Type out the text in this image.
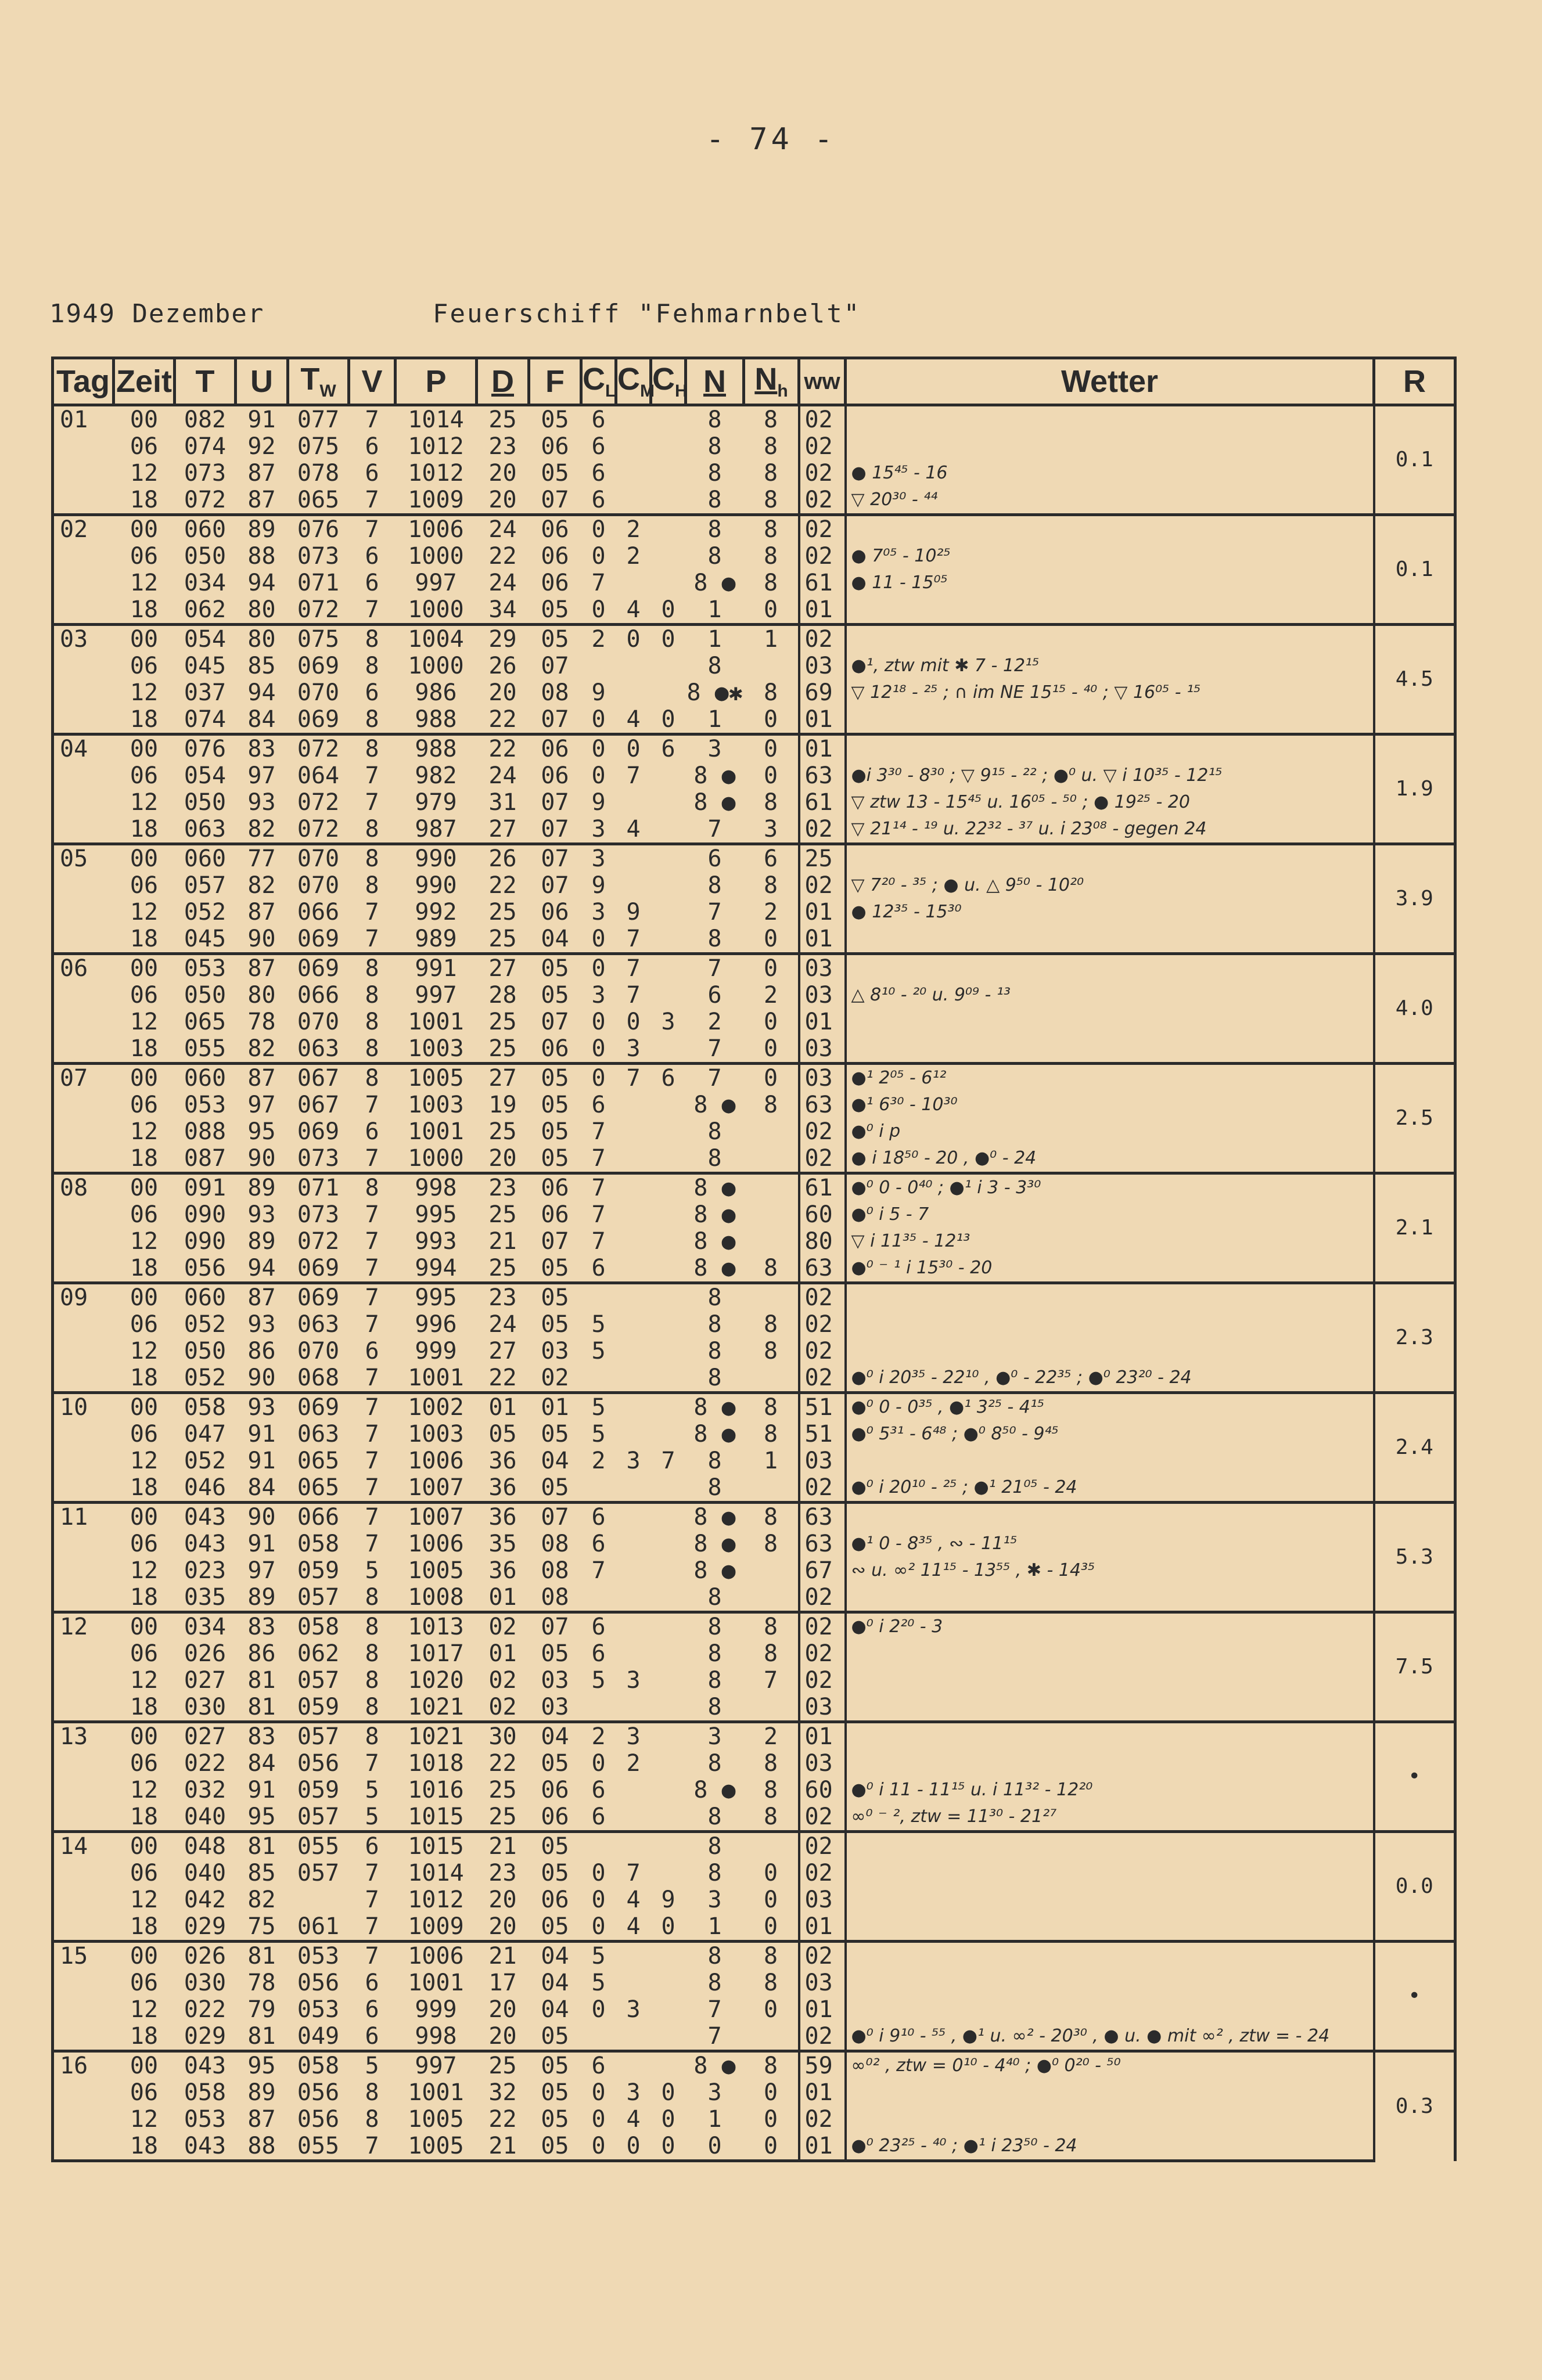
- 74 -
1949 Dezember	Feuerschiff "Fehmarnbelt"
Tag	Zeit	T	U	$T_W$	V	P	D	F	$C_L$	$C_M$	$C_H$	N	$N_h$	ww	Wetter	R
01	00	082	91	077	7	1014	25	05	6			8	8	02		0.1
	06	074	92	075	6	1012	23	06	6			8	8	02		
	12	073	87	078	6	1012	20	05	6			8	8	02	● 15⁴⁵ - 16	
	18	072	87	065	7	1009	20	07	6			8	8	02	▽ 20³⁰ - ⁴⁴	
02	00	060	89	076	7	1006	24	06	0	2		8	8	02		0.1
	06	050	88	073	6	1000	22	06	0	2		8	8	02	● 7⁰⁵ - 10²⁵	
	12	034	94	071	6	997	24	06	7			8 ●	8	61	● 11 - 15⁰⁵	
	18	062	80	072	7	1000	34	05	0	4	0	1	0	01		
03	00	054	80	075	8	1004	29	05	2	0	0	1	1	02		4.5
	06	045	85	069	8	1000	26	07				8		03	●¹, ztw mit ✱ 7 - 12¹⁵	
	12	037	94	070	6	986	20	08	9			8 ●✱	8	69	▽ 12¹⁸ - ²⁵ ; ∩ im NE 15¹⁵ - ⁴⁰ ; ▽ 16⁰⁵ - ¹⁵	
	18	074	84	069	8	988	22	07	0	4	0	1	0	01		
04	00	076	83	072	8	988	22	06	0	0	6	3	0	01		1.9
	06	054	97	064	7	982	24	06	0	7		8 ●	0	63	●i 3³⁰ - 8³⁰ ; ▽ 9¹⁵ - ²² ; ●⁰ u. ▽ i 10³⁵ - 12¹⁵	
	12	050	93	072	7	979	31	07	9			8 ●	8	61	▽ ztw 13 - 15⁴⁵ u. 16⁰⁵ - ⁵⁰ ; ● 19²⁵ - 20	
	18	063	82	072	8	987	27	07	3	4		7	3	02	▽ 21¹⁴ - ¹⁹ u. 22³² - ³⁷ u. i 23⁰⁸ - gegen 24	
05	00	060	77	070	8	990	26	07	3			6	6	25		3.9
	06	057	82	070	8	990	22	07	9			8	8	02	▽ 7²⁰ - ³⁵ ; ● u. △ 9⁵⁰ - 10²⁰	
	12	052	87	066	7	992	25	06	3	9		7	2	01	● 12³⁵ - 15³⁰	
	18	045	90	069	7	989	25	04	0	7		8	0	01		
06	00	053	87	069	8	991	27	05	0	7		7	0	03		4.0
	06	050	80	066	8	997	28	05	3	7		6	2	03	△ 8¹⁰ - ²⁰ u. 9⁰⁹ - ¹³	
	12	065	78	070	8	1001	25	07	0	0	3	2	0	01		
	18	055	82	063	8	1003	25	06	0	3		7	0	03		
07	00	060	87	067	8	1005	27	05	0	7	6	7	0	03	●¹ 2⁰⁵ - 6¹²	2.5
	06	053	97	067	7	1003	19	05	6			8 ●	8	63	●¹ 6³⁰ - 10³⁰	
	12	088	95	069	6	1001	25	05	7			8		02	●⁰ i p	
	18	087	90	073	7	1000	20	05	7			8		02	● i 18⁵⁰ - 20 , ●⁰ - 24	
08	00	091	89	071	8	998	23	06	7			8 ●		61	●⁰ 0 - 0⁴⁰ ; ●¹ i 3 - 3³⁰	2.1
	06	090	93	073	7	995	25	06	7			8 ●		60	●⁰ i 5 - 7	
	12	090	89	072	7	993	21	07	7			8 ●		80	▽ i 11³⁵ - 12¹³	
	18	056	94	069	7	994	25	05	6			8 ●	8	63	●⁰ ⁻ ¹ i 15³⁰ - 20	
09	00	060	87	069	7	995	23	05				8		02		2.3
	06	052	93	063	7	996	24	05	5			8	8	02		
	12	050	86	070	6	999	27	03	5			8	8	02		
	18	052	90	068	7	1001	22	02				8		02	●⁰ i 20³⁵ - 22¹⁰ , ●⁰ - 22³⁵ ; ●⁰ 23²⁰ - 24	
10	00	058	93	069	7	1002	01	01	5			8 ●	8	51	●⁰ 0 - 0³⁵ , ●¹ 3²⁵ - 4¹⁵	2.4
	06	047	91	063	7	1003	05	05	5			8 ●	8	51	●⁰ 5³¹ - 6⁴⁸ ; ●⁰ 8⁵⁰ - 9⁴⁵	
	12	052	91	065	7	1006	36	04	2	3	7	8	1	03		
	18	046	84	065	7	1007	36	05				8		02	●⁰ i 20¹⁰ - ²⁵ ; ●¹ 21⁰⁵ - 24	
11	00	043	90	066	7	1007	36	07	6			8 ●	8	63		5.3
	06	043	91	058	7	1006	35	08	6			8 ●	8	63	●¹ 0 - 8³⁵ , ∾ - 11¹⁵	
	12	023	97	059	5	1005	36	08	7			8 ●		67	∾ u. ∞² 11¹⁵ - 13⁵⁵ , ✱ - 14³⁵	
	18	035	89	057	8	1008	01	08				8		02		
12	00	034	83	058	8	1013	02	07	6			8	8	02	●⁰ i 2²⁰ - 3	7.5
	06	026	86	062	8	1017	01	05	6			8	8	02		
	12	027	81	057	8	1020	02	03	5	3		8	7	02		
	18	030	81	059	8	1021	02	03				8		03		
13	00	027	83	057	8	1021	30	04	2	3		3	2	01		•
	06	022	84	056	7	1018	22	05	0	2		8	8	03		
	12	032	91	059	5	1016	25	06	6			8 ●	8	60	●⁰ i 11 - 11¹⁵ u. i 11³² - 12²⁰	
	18	040	95	057	5	1015	25	06	6			8	8	02	∞⁰ ⁻ ², ztw = 11³⁰ - 21²⁷	
14	00	048	81	055	6	1015	21	05				8		02		0.0
	06	040	85	057	7	1014	23	05	0	7		8	0	02		
	12	042	82		7	1012	20	06	0	4	9	3	0	03		
	18	029	75	061	7	1009	20	05	0	4	0	1	0	01		
15	00	026	81	053	7	1006	21	04	5			8	8	02		•
	06	030	78	056	6	1001	17	04	5			8	8	03		
	12	022	79	053	6	999	20	04	0	3		7	0	01		
	18	029	81	049	6	998	20	05				7		02	●⁰ i 9¹⁰ - ⁵⁵ , ●¹ u. ∞² - 20³⁰ , ● u. ● mit ∞² , ztw = - 24	
16	00	043	95	058	5	997	25	05	6			8 ●	8	59	∞⁰² , ztw = 0¹⁰ - 4⁴⁰ ; ●⁰ 0²⁰ - ⁵⁰	0.3
	06	058	89	056	8	1001	32	05	0	3	0	3	0	01		
	12	053	87	056	8	1005	22	05	0	4	0	1	0	02		
	18	043	88	055	7	1005	21	05	0	0	0	0	0	01	●⁰ 23²⁵ - ⁴⁰ ; ●¹ i 23⁵⁰ - 24	
